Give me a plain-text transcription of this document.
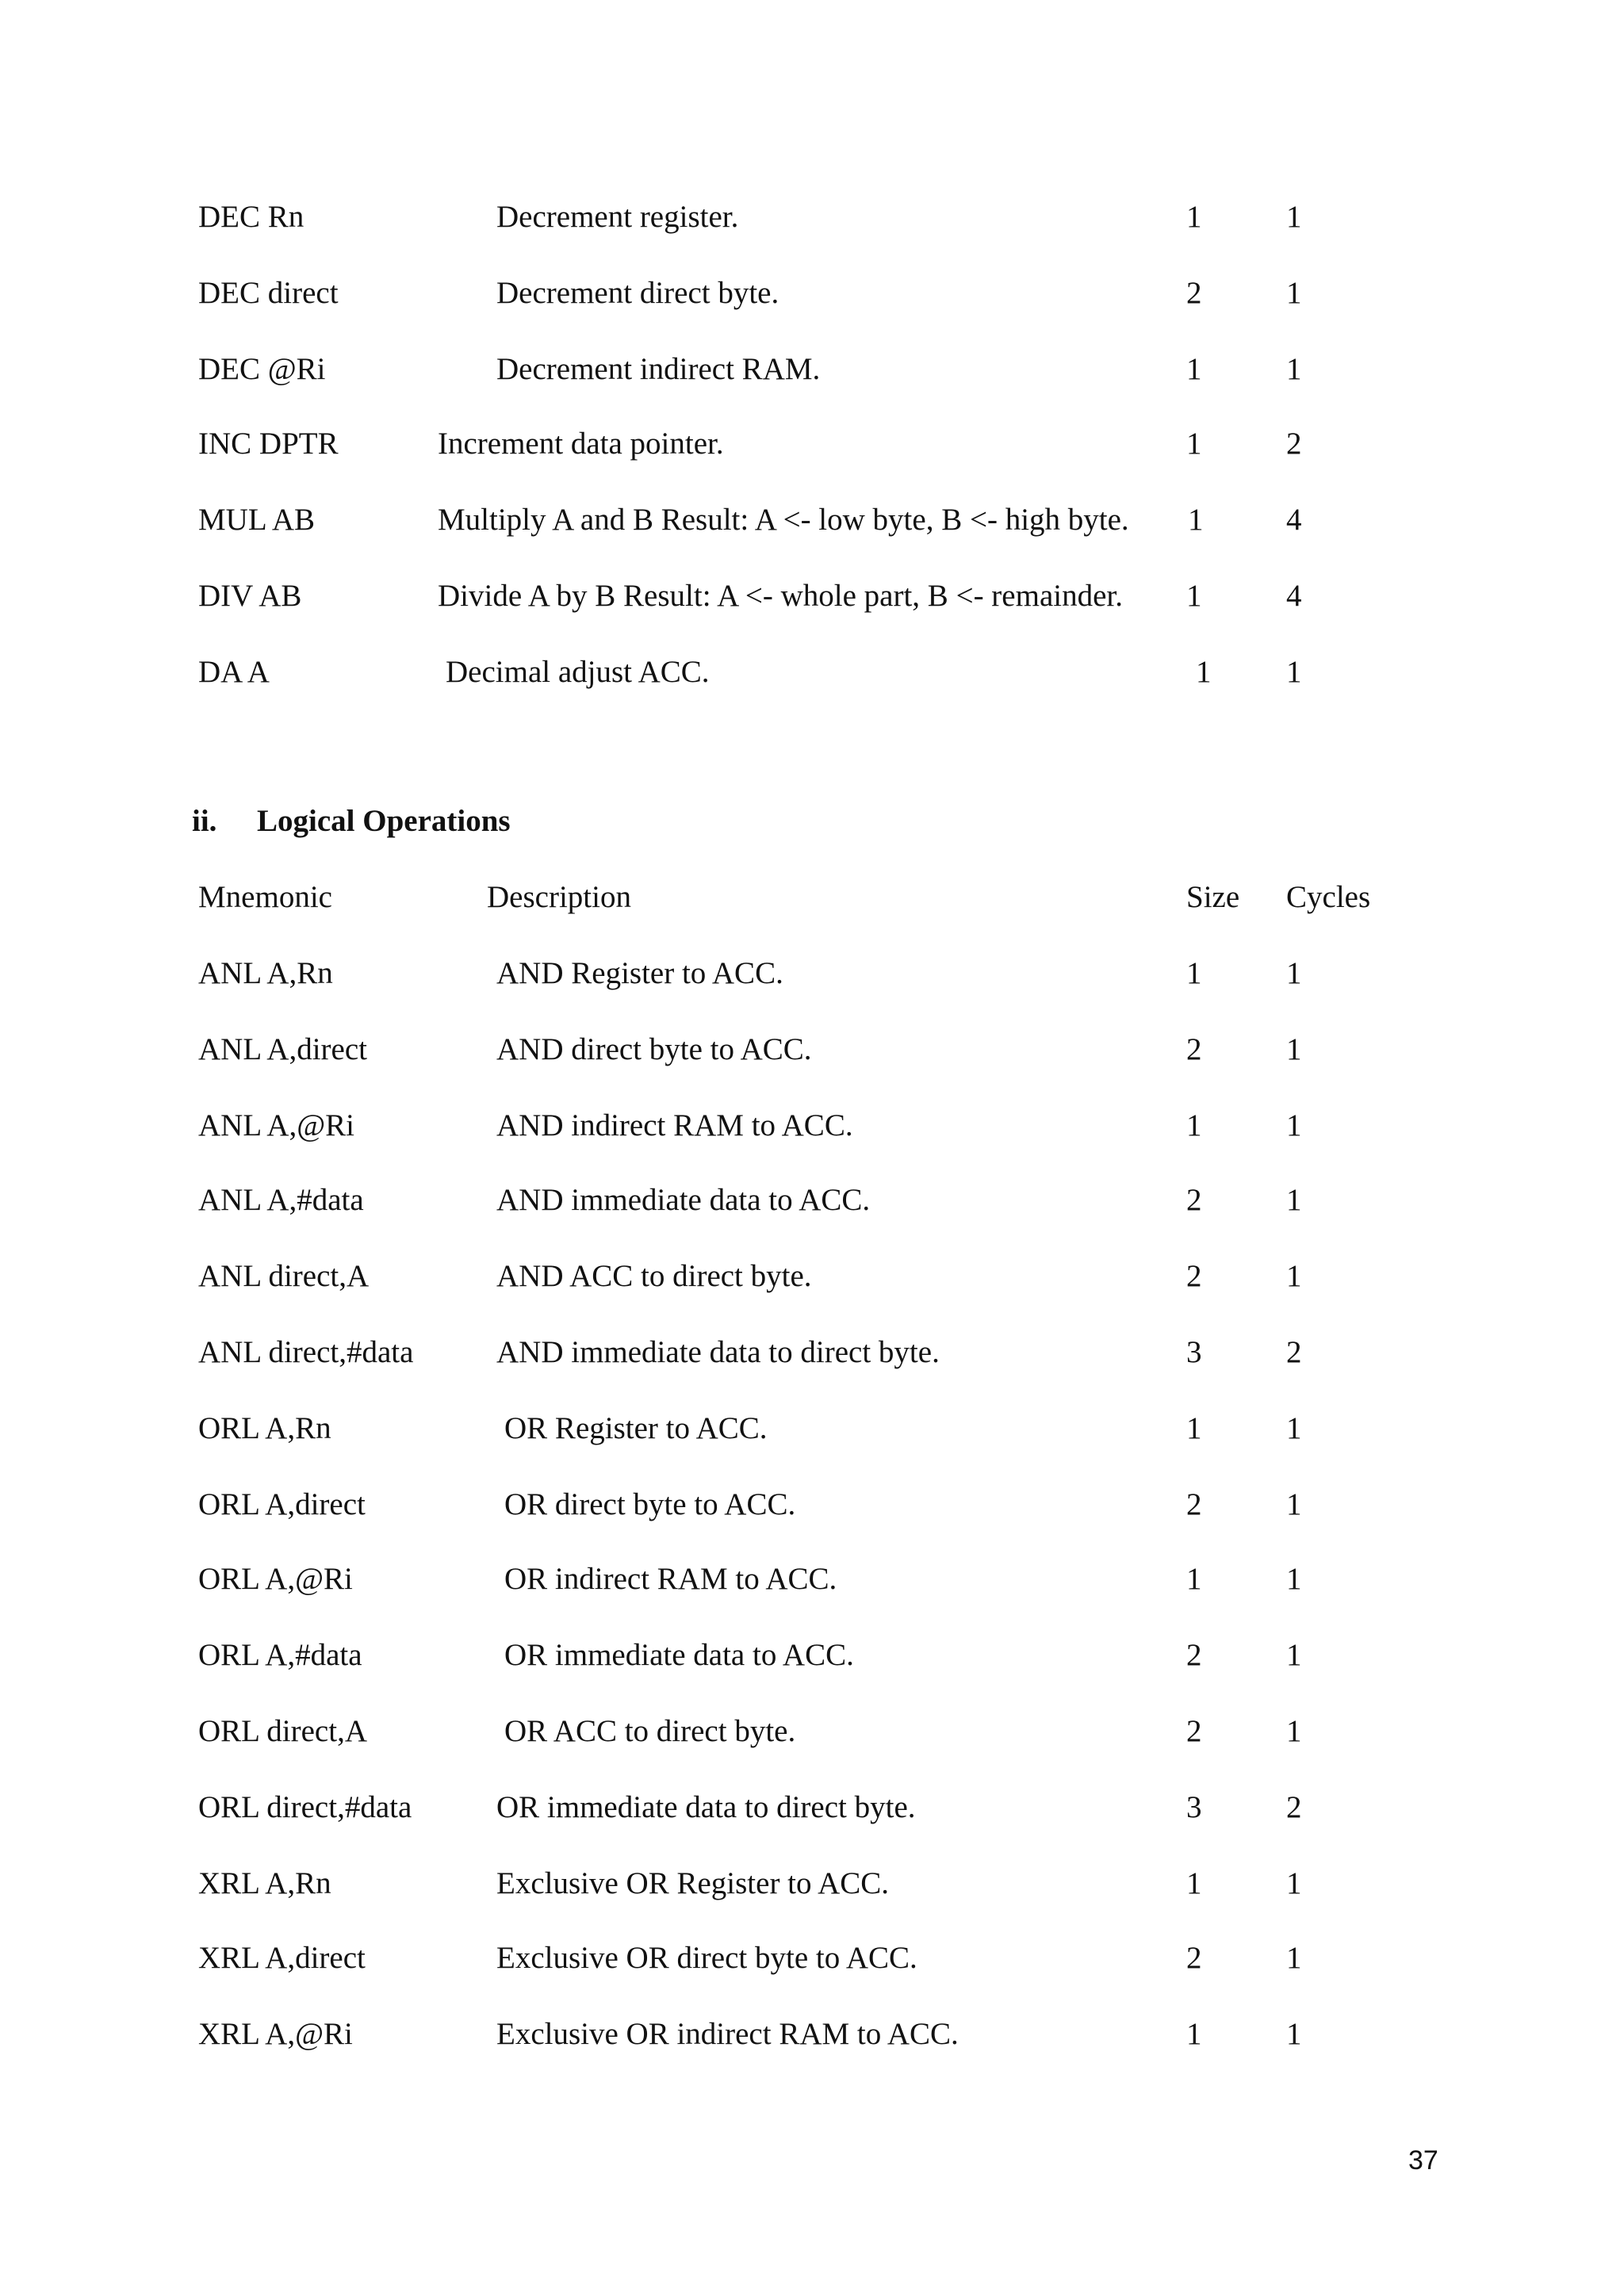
DEC Rn	Decrement register.	1	1
DEC direct	Decrement direct byte.	2	1
DEC @Ri	Decrement indirect RAM.	1	1
INC DPTR	Increment data pointer.	1	2
MUL AB	Multiply A and B Result: A <- low byte, B <- high byte. 1	4
DIV AB	Divide A by B Result: A <- whole part, B <- remainder. 1	4
DA A	Decimal adjust ACC.	1 1
ii. Logical Operations
Mnemonic	Description	Size Cycles
ANL A,Rn	AND Register to ACC.	1	1
ANL A,direct	AND direct byte to ACC.	2	1
ANL A,@Ri	AND indirect RAM to ACC.	1	1
ANL A,#data	AND immediate data to ACC.	2	1
ANL direct,A	AND ACC to direct byte.	2	1
ANL direct,#data	AND immediate data to direct byte.	3	2
ORL A,Rn	OR Register to ACC.	1	1
ORL A,direct	OR direct byte to ACC.	2	1
ORL A,@Ri	OR indirect RAM to ACC.	1	1
ORL A,#data	OR immediate data to ACC.	2	1
ORL direct,A	OR ACC to direct byte.	2	1
ORL direct,#data	OR immediate data to direct byte.	3	2
XRL A,Rn	Exclusive OR Register to ACC.	1	1
XRL A,direct	Exclusive OR direct byte to ACC.	2	1
XRL A,@Ri	Exclusive OR indirect RAM to ACC.	1	1
37
